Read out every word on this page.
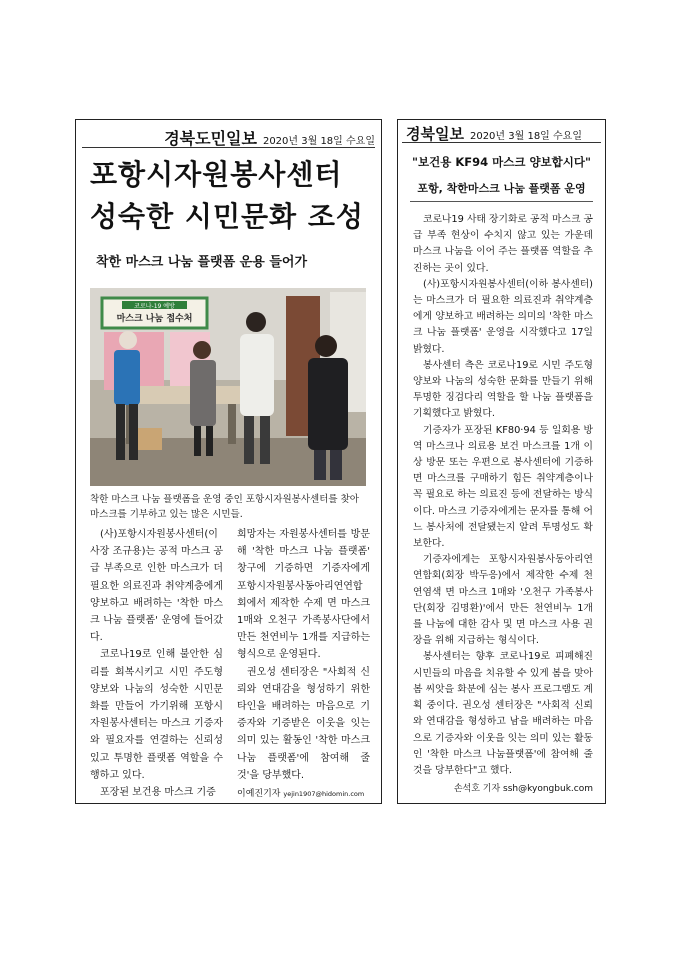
경북도민일보 2020년 3월 18일 수요일
포항시자원봉사센터
성숙한 시민문화 조성
착한 마스크 나눔 플랫폼 운용 들어가
코로나-19 예방
마스크 나눔 접수처
착한 마스크 나눔 플랫폼을 운영 중인 포항시자원봉사센터를 찾아 마스크를 기부하고 있는 많은 시민들.

(사)포항시자원봉사센터(이사장 조규용)는 공적 마스크 공급 부족으로 인한 마스크가 더 필요한 의료진과 취약계층에게 양보하고 배려하는 '착한 마스크 나눔 플랫폼' 운영에 들어갔다.

코로나19로 인해 불안한 심리를 회복시키고 시민 주도형 양보와 나눔의 성숙한 시민문화를 만들어 가기위해 포항시자원봉사센터는 마스크 기증자와 필요자를 연결하는 신뢰성 있고 투명한 플랫폼 역할을 수행하고 있다.

포장된 보건용 마스크 기증

희망자는 자원봉사센터를 방문해 '착한 마스크 나눔 플랫폼' 창구에 기증하면 기증자에게 포항시자원봉사동아리연연합회에서 제작한 수제 면 마스크 1매와 오천구 가족봉사단에서 만든 천연비누 1개를 지급하는 형식으로 운영된다.

권오성 센터장은 "사회적 신뢰와 연대감을 형성하기 위한 타인을 배려하는 마음으로 기증자와 기증받은 이웃을 잇는 의미 있는 활동인 '착한 마스크 나눔 플랫폼'에 참여해 줄 것'을 당부했다.

이예진기자 yejin1907@hidomin.com
경북일보 2020년 3월 18일 수요일
"보건용 KF94 마스크 양보합시다"
포항, 착한마스크 나눔 플랫폼 운영

코로나19 사태 장기화로 공적 마스크 공급 부족 현상이 수치지 않고 있는 가운데 마스크 나눔을 이어 주는 플랫폼 역할을 추진하는 곳이 있다.

(사)포항시자원봉사센터(이하 봉사센터)는 마스크가 더 필요한 의료진과 취약계층에게 양보하고 배려하는 의미의 '착한 마스크 나눔 플랫폼' 운영을 시작했다고 17일 밝혔다.

봉사센터 측은 코로나19로 시민 주도형 양보와 나눔의 성숙한 문화를 만들기 위해 투명한 징검다리 역할을 할 나눔 플랫폼을 기획했다고 밝혔다.

기증자가 포장된 KF80·94 등 일회용 방역 마스크나 의료용 보건 마스크를 1개 이상 방문 또는 우편으로 봉사센터에 기증하면 마스크를 구매하기 힘든 취약계층이나 꼭 필요로 하는 의료진 등에 전달하는 방식이다. 마스크 기증자에게는 문자를 통해 어느 봉사처에 전달됐는지 알려 투명성도 확보한다.

기증자에게는 포항시자원봉사동아리연연합회(회장 박두응)에서 제작한 수제 천연염색 면 마스크 1매와 '오천구 가족봉사단(회장 김명환)'에서 만든 천연비누 1개를 나눔에 대한 감사 및 면 마스크 사용 권장을 위해 지급하는 형식이다.

봉사센터는 향후 코로나19로 피폐해진 시민들의 마음을 치유할 수 있게 봄을 맞아 봄 씨앗을 화분에 심는 봉사 프로그램도 계획 중이다. 권오성 센터장은 "사회적 신뢰와 연대감을 형성하고 남을 배려하는 마음으로 기증자와 이웃을 잇는 의미 있는 활동인 '착한 마스크 나눔플랫폼'에 참여해 줄 것을 당부한다"고 했다.

손석호 기자 ssh@kyongbuk.com
